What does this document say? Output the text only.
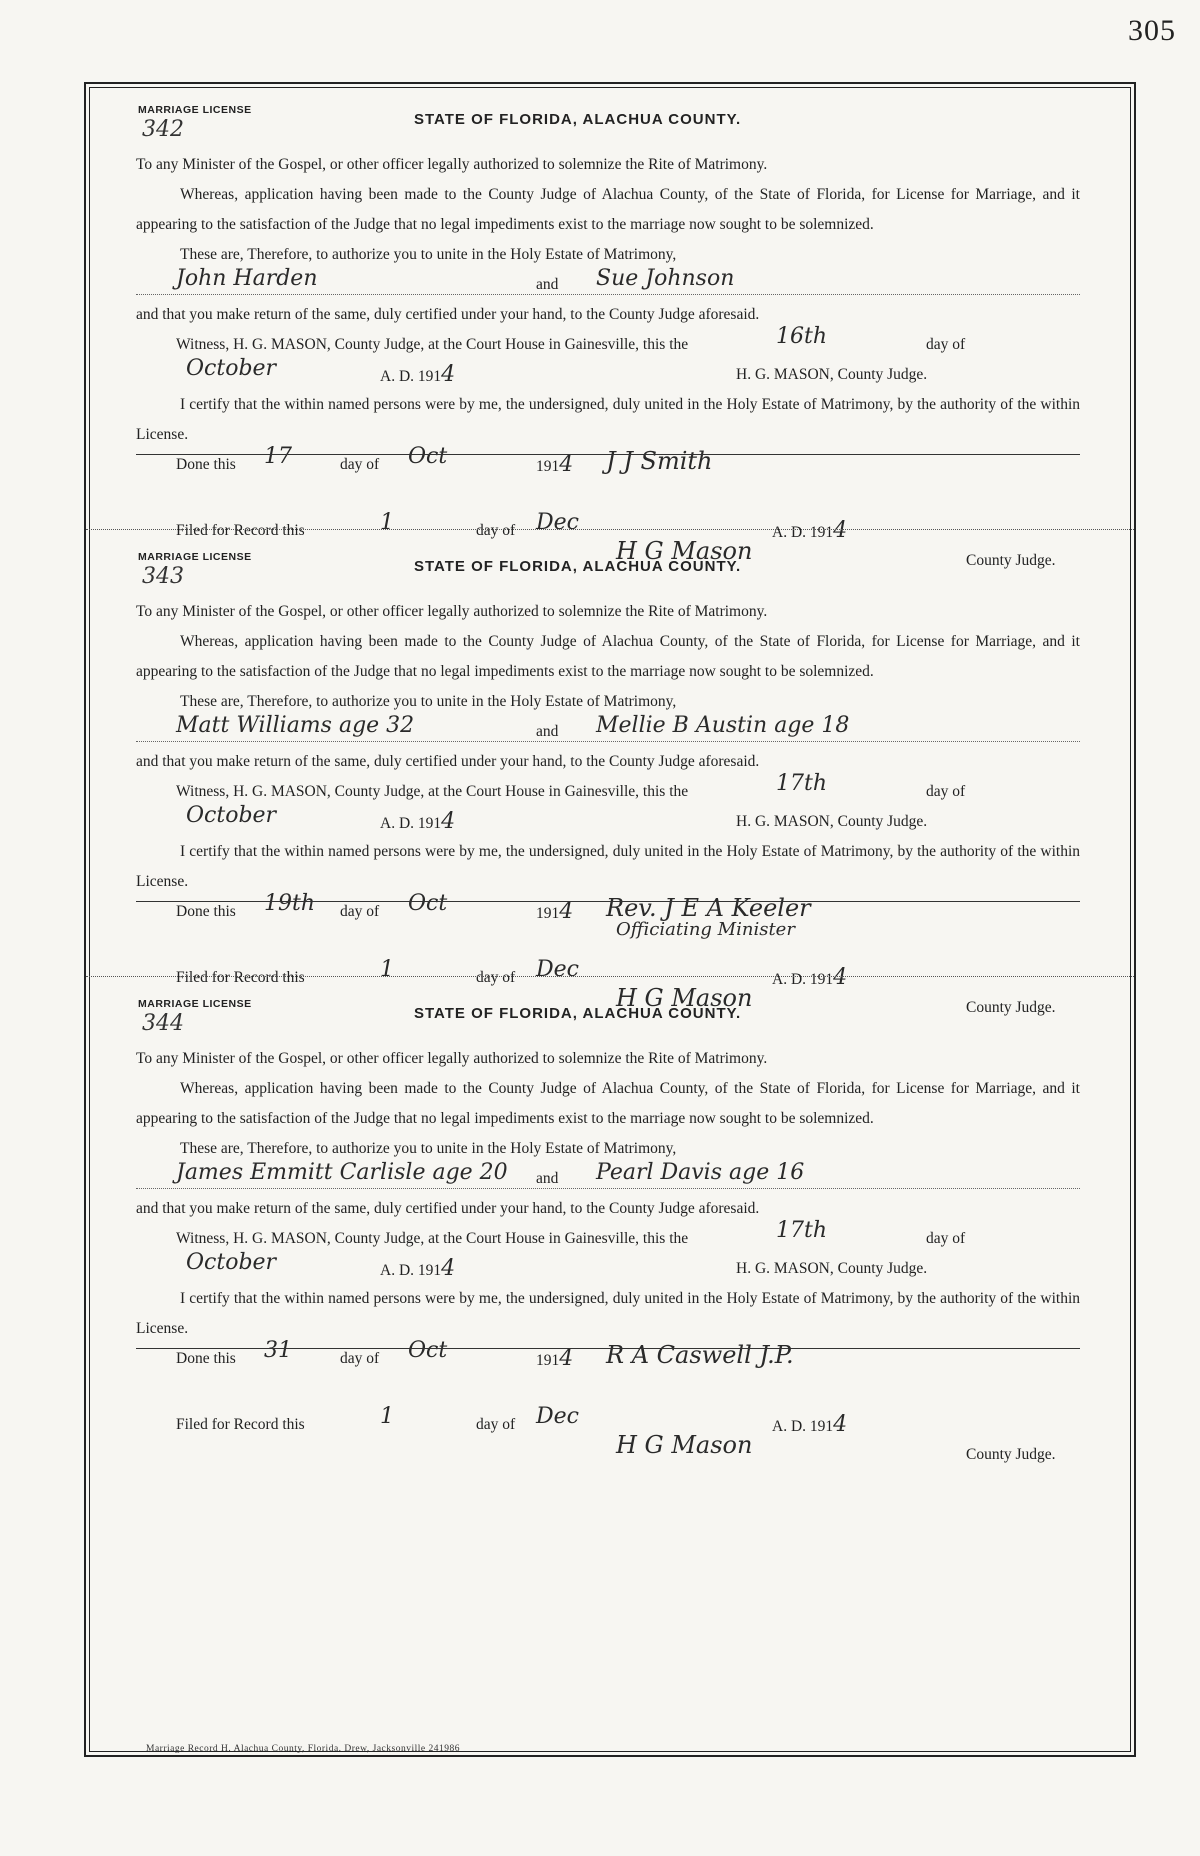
305
Marriage Record H. Alachua County, Florida. Drew, Jacksonville 241986
MARRIAGE LICENSE
342	STATE OF FLORIDA, ALACHUA COUNTY.

To any Minister of the Gospel, or other officer legally authorized to solemnize the Rite of Matrimony.

Whereas, application having been made to the County Judge of Alachua County, of the State of Florida, for License for Marriage, and it appearing to the satisfaction of the Judge that no legal impediments exist to the marriage now sought to be solemnized.

These are, Therefore, to authorize you to unite in the Holy Estate of Matrimony,

John Harden	and Sue Johnson

and that you make return of the same, duly certified under your hand, to the County Judge aforesaid.

Witness, H. G. MASON, County Judge, at the Court House in Gainesville, this the	16th	day of
October	A. D. 1914	H. G. MASON, County Judge.

I certify that the within named persons were by me, the undersigned, duly united in the Holy Estate of Matrimony, by the authority of the within License.

Done this 17	day of Oct	1914 J J Smith
Filed for Record this	1	day of Dec	A. D. 1914
H G Mason	County Judge.
MARRIAGE LICENSE
343	STATE OF FLORIDA, ALACHUA COUNTY.

To any Minister of the Gospel, or other officer legally authorized to solemnize the Rite of Matrimony.

Whereas, application having been made to the County Judge of Alachua County, of the State of Florida, for License for Marriage, and it appearing to the satisfaction of the Judge that no legal impediments exist to the marriage now sought to be solemnized.

These are, Therefore, to authorize you to unite in the Holy Estate of Matrimony,

Matt Williams age 32	and Mellie B Austin age 18

and that you make return of the same, duly certified under your hand, to the County Judge aforesaid.

Witness, H. G. MASON, County Judge, at the Court House in Gainesville, this the	17th	day of
October	A. D. 1914	H. G. MASON, County Judge.

I certify that the within named persons were by me, the undersigned, duly united in the Holy Estate of Matrimony, by the authority of the within License.

Done this 19th day of Oct	1914 Rev. J E A Keeler
Officiating Minister
Filed for Record this	1	day of Dec	A. D. 1914
H G Mason	County Judge.
MARRIAGE LICENSE
344	STATE OF FLORIDA, ALACHUA COUNTY.

To any Minister of the Gospel, or other officer legally authorized to solemnize the Rite of Matrimony.

Whereas, application having been made to the County Judge of Alachua County, of the State of Florida, for License for Marriage, and it appearing to the satisfaction of the Judge that no legal impediments exist to the marriage now sought to be solemnized.

These are, Therefore, to authorize you to unite in the Holy Estate of Matrimony,

James Emmitt Carlisle age 20 and Pearl Davis age 16

and that you make return of the same, duly certified under your hand, to the County Judge aforesaid.

Witness, H. G. MASON, County Judge, at the Court House in Gainesville, this the	17th	day of
October	A. D. 1914	H. G. MASON, County Judge.

I certify that the within named persons were by me, the undersigned, duly united in the Holy Estate of Matrimony, by the authority of the within License.

Done this 31	day of Oct	1914 R A Caswell J.P.
Filed for Record this	1	day of Dec	A. D. 1914
H G Mason	County Judge.
